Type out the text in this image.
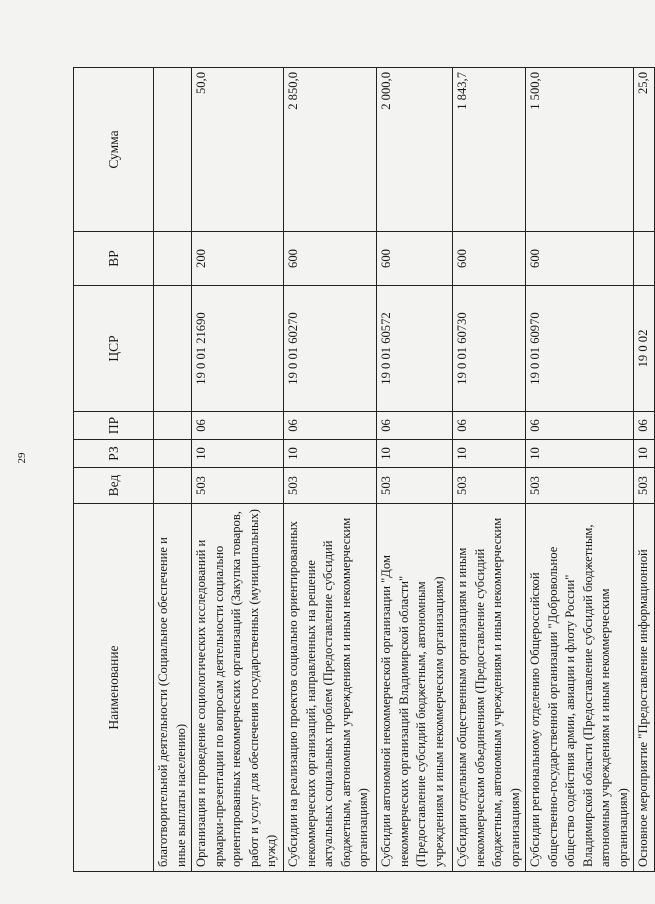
29
Наименование	Вед	РЗ	ПР	ЦСР	ВР	Сумма
благотворительной деятельности (Социальное обеспечение и иные выплаты населению)						
Организация и проведение социологических исследований и ярмарки-презентации по вопросам деятельности социально ориентированных некоммерческих организаций (Закупка товаров, работ и услуг для обеспечения государственных (муниципальных) нужд)	503	10	06	19 0 01 21690	200	50,0
Субсидии на реализацию проектов социально ориентированных некоммерческих организаций, направленных на решение актуальных социальных проблем (Предоставление субсидий бюджетным, автономным учреждениям и иным некоммерческим организациям)	503	10	06	19 0 01 60270	600	2 850,0
Субсидии автономной некоммерческой организации "Дом некоммерческих организаций Владимирской области" (Предоставление субсидий бюджетным, автономным учреждениям и иным некоммерческим организациям)	503	10	06	19 0 01 60572	600	2 000,0
Субсидии отдельным общественным организациям и иным некоммерческим объединениям (Предоставление субсидий бюджетным, автономным учреждениям и иным некоммерческим организациям)	503	10	06	19 0 01 60730	600	1 843,7
Субсидии региональному отделению Общероссийской общественно-государственной организации "Добровольное общество содействия армии, авиации и флоту России" Владимирской области (Предоставление субсидий бюджетным, автономным учреждениям и иным некоммерческим организациям)	503	10	06	19 0 01 60970	600	1 500,0
Основное мероприятие "Предоставление информационной	503	10	06	19 0 02		25,0
